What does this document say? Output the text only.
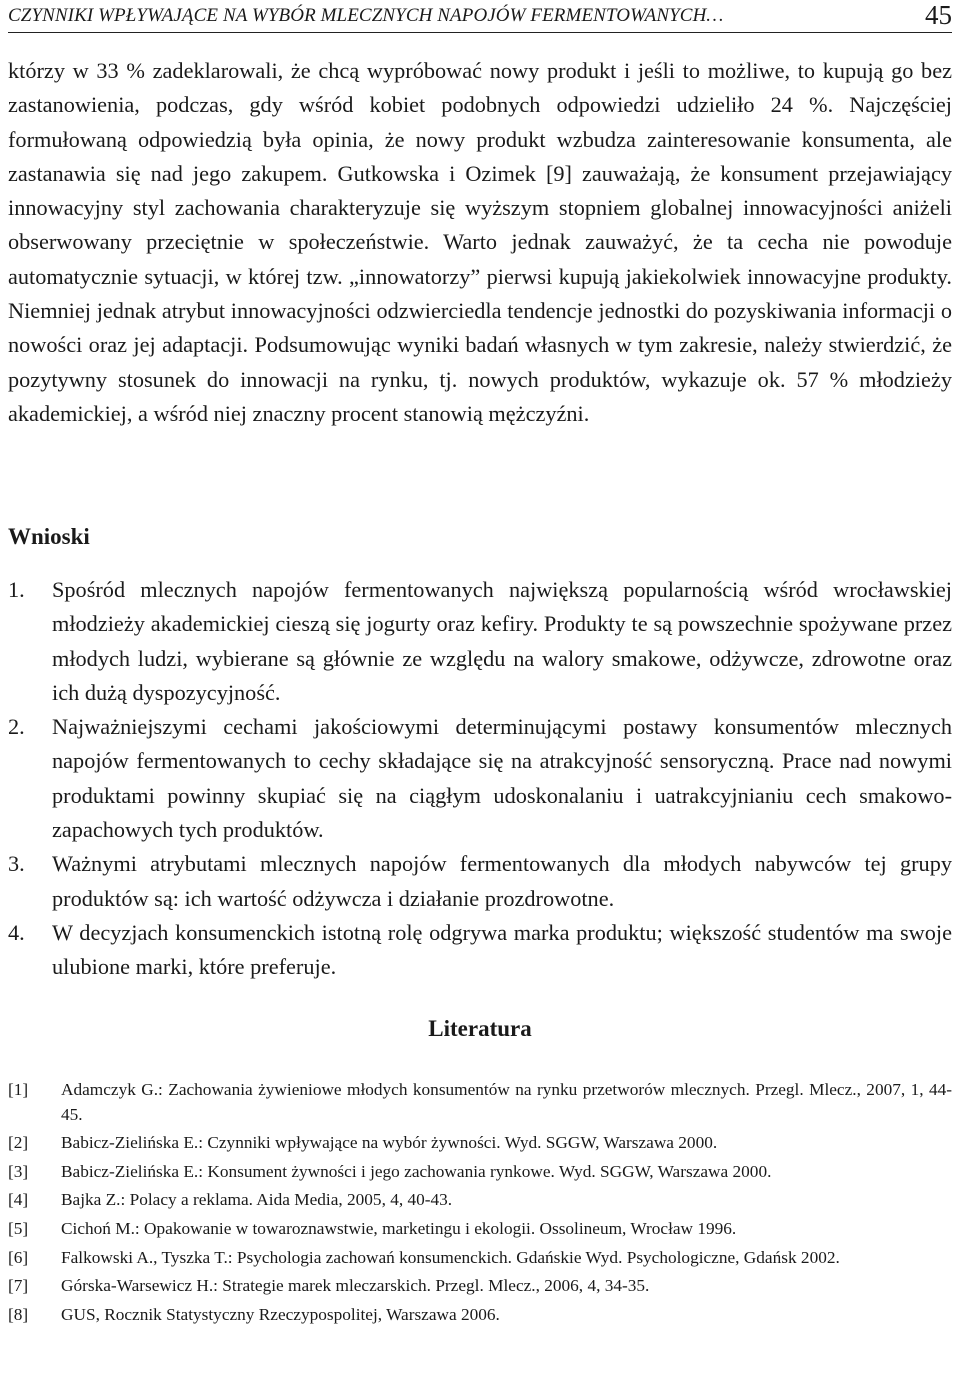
CZYNNIKI WPŁYWAJĄCE NA WYBÓR MLECZNYCH NAPOJÓW FERMENTOWANYCH…	45

którzy w 33 % zadeklarowali, że chcą wypróbować nowy produkt i jeśli to możliwe, to kupują go bez zastanowienia, podczas, gdy wśród kobiet podobnych odpowiedzi udzieliło 24 %. Najczęściej formułowaną odpowiedzią była opinia, że nowy produkt wzbudza zainteresowanie konsumenta, ale zastanawia się nad jego zakupem. Gutkowska i Ozimek [9] zauważają, że konsument przejawiający innowacyjny styl zachowania charakteryzuje się wyższym stopniem globalnej innowacyjności aniżeli obserwowany przeciętnie w społeczeństwie. Warto jednak zauważyć, że ta cecha nie powoduje automatycznie sytuacji, w której tzw. „innowatorzy” pierwsi kupują jakiekolwiek innowacyjne produkty. Niemniej jednak atrybut innowacyjności odzwierciedla tendencje jednostki do pozyskiwania informacji o nowości oraz jej adaptacji. Podsumowując wyniki badań własnych w tym zakresie, należy stwierdzić, że pozytywny stosunek do innowacji na rynku, tj. nowych produktów, wykazuje ok. 57 % młodzieży akademickiej, a wśród niej znaczny procent stanowią mężczyźni.

Wnioski
1. Spośród mlecznych napojów fermentowanych największą popularnością wśród wrocławskiej młodzieży akademickiej cieszą się jogurty oraz kefiry. Produkty te są powszechnie spożywane przez młodych ludzi, wybierane są głównie ze względu na walory smakowe, odżywcze, zdrowotne oraz ich dużą dyspozycyjność.
2. Najważniejszymi cechami jakościowymi determinującymi postawy konsumentów mlecznych napojów fermentowanych to cechy składające się na atrakcyjność sensoryczną. Prace nad nowymi produktami powinny skupiać się na ciągłym udoskonalaniu i uatrakcyjnianiu cech smakowo-zapachowych tych produktów.
3. Ważnymi atrybutami mlecznych napojów fermentowanych dla młodych nabywców tej grupy produktów są: ich wartość odżywcza i działanie prozdrowotne.
4. W decyzjach konsumenckich istotną rolę odgrywa marka produktu; większość studentów ma swoje ulubione marki, które preferuje.
Literatura
[1] Adamczyk G.: Zachowania żywieniowe młodych konsumentów na rynku przetworów mlecznych. Przegl. Mlecz., 2007, 1, 44-45.
[2] Babicz-Zielińska E.: Czynniki wpływające na wybór żywności. Wyd. SGGW, Warszawa 2000.
[3] Babicz-Zielińska E.: Konsument żywności i jego zachowania rynkowe. Wyd. SGGW, Warszawa 2000.
[4] Bajka Z.: Polacy a reklama. Aida Media, 2005, 4, 40-43.
[5] Cichoń M.: Opakowanie w towaroznawstwie, marketingu i ekologii. Ossolineum, Wrocław 1996.
[6] Falkowski A., Tyszka T.: Psychologia zachowań konsumenckich. Gdańskie Wyd. Psychologiczne, Gdańsk 2002.
[7] Górska-Warsewicz H.: Strategie marek mleczarskich. Przegl. Mlecz., 2006, 4, 34-35.
[8] GUS, Rocznik Statystyczny Rzeczypospolitej, Warszawa 2006.
